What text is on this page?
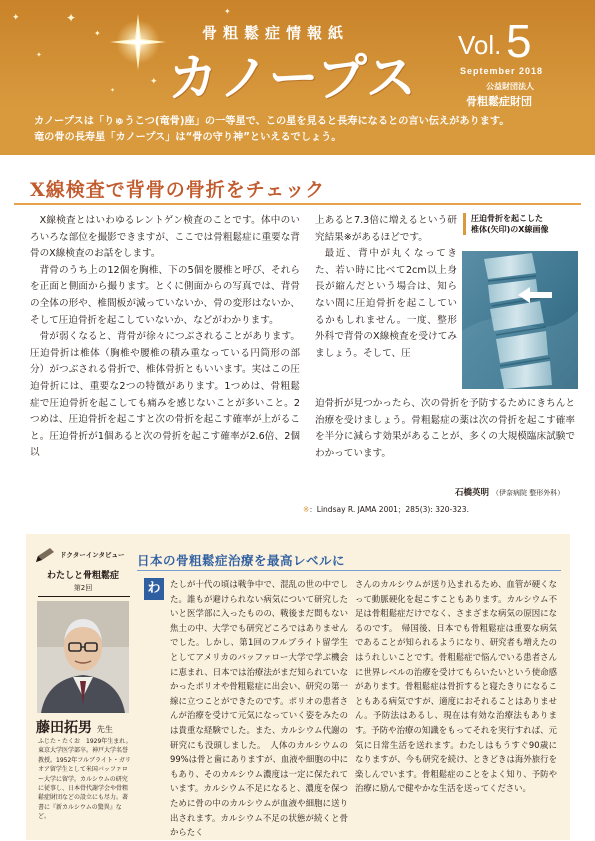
✦	✦
✦
✦
✦
✦
✦
骨粗鬆症情報紙
カノープス
Vol. 5
September 2018
公益財団法人
骨粗鬆症財団
カノープスは「りゅうこつ(竜骨)座」の一等星で、この星を見ると長寿になるとの言い伝えがあります。
竜の骨の長寿星「カノープス」は“骨の守り神”といえるでしょう。
X線検査で背骨の骨折をチェック

X線検査とはいわゆるレントゲン検査のことです。体中のいろいろな部位を撮影できますが、ここでは骨粗鬆症に重要な背骨のX線検査のお話をします。

背骨のうち上の12個を胸椎、下の5個を腰椎と呼び、それらを正面と側面から撮ります。とくに側面からの写真では、背骨の全体の形や、椎間板が減っていないか、骨の変形はないか、そして圧迫骨折を起こしていないか、などがわかります。

骨が弱くなると、背骨が徐々につぶされることがあります。圧迫骨折は椎体（胸椎や腰椎の積み重なっている円筒形の部分）がつぶされる骨折で、椎体骨折ともいいます。実はこの圧迫骨折には、重要な2つの特徴があります。1つめは、骨粗鬆症で圧迫骨折を起こしても痛みを感じないことが多いこと。2つめは、圧迫骨折を起こすと次の骨折を起こす確率が上がること。圧迫骨折が1個あると次の骨折を起こす確率が2.6倍、2個以

上あると7.3倍に増えるという研究結果※があるほどです。

最近、背中が丸くなってきた、若い時に比べて2cm以上身長が縮んだという場合は、知らない間に圧迫骨折を起こしているかもしれません。一度、整形外科で背骨のX線検査を受けてみましょう。そして、圧

圧迫骨折を起こした
椎体(矢印)のX線画像
迫骨折が見つかったら、次の骨折を予防するためにきちんと治療を受けましょう。骨粗鬆症の薬は次の骨折を起こす確率を半分に減らす効果があることが、多くの大規模臨床試験でわかっています。
石橋英明 （伊奈病院 整形外科）
※：Lindsay R. JAMA 2001；285(3): 320-323.
ドクターインタビュー
わたしと骨粗鬆症
第2回
藤田拓男 先生
ふじた・たくお　1929年生まれ。東京大学医学部卒。神戸大学名誉教授。1952年フルブライト・ガリオア留学生として米国バッファロー大学に留学。カルシウムの研究に従事し、日本骨代謝学会や骨粗鬆症財団などの設立にも尽力。著書に『新カルシウムの驚異』など。
日本の骨粗鬆症治療を最高レベルに
わ	たしが十代の頃は戦争中で、混乱の世の中でした。誰もが避けられない病気について研究したいと医学部に入ったものの、戦後まだ間もない焦土の中、大学でも研究どころではありませんでした。しかし、第1回のフルブライト留学生としてアメリカのバッファロー大学で学ぶ機会に恵まれ、日本では治療法がまだ知られていなかったポリオや骨粗鬆症に出会い、研究の第一線に立つことができたのです。ポリオの患者さんが治療を受けて元気になっていく姿をみたのは貴重な経験でした。また、カルシウム代謝の研究にも没頭しました。　人体のカルシウムの99%は骨と歯にありますが、血液や細胞の中にもあり、そのカルシウム濃度は一定に保たれています。カルシウム不足になると、濃度を保つために骨の中のカルシウムが血液や細胞に送り出されます。カルシウム不足の状態が続くと骨からたく
さんのカルシウムが送り込まれるため、血管が硬くなって動脈硬化を起こすこともあります。カルシウム不足は骨粗鬆症だけでなく、さまざまな病気の原因になるのです。　帰国後、日本でも骨粗鬆症は重要な病気であることが知られるようになり、研究者も増えたのはうれしいことです。骨粗鬆症で悩んでいる患者さんに世界レベルの治療を受けてもらいたいという使命感があります。骨粗鬆症は骨折すると寝たきりになることもある病気ですが、適度におそれることはありません。予防法はあるし、現在は有効な治療法もあります。予防や治療の知識をもってそれを実行すれば、元気に日常生活を送れます。わたしはもうすぐ90歳になりますが、今も研究を続け、ときどきは海外旅行を楽しんでいます。骨粗鬆症のことをよく知り、予防や治療に励んで健やかな生活を送ってください。
